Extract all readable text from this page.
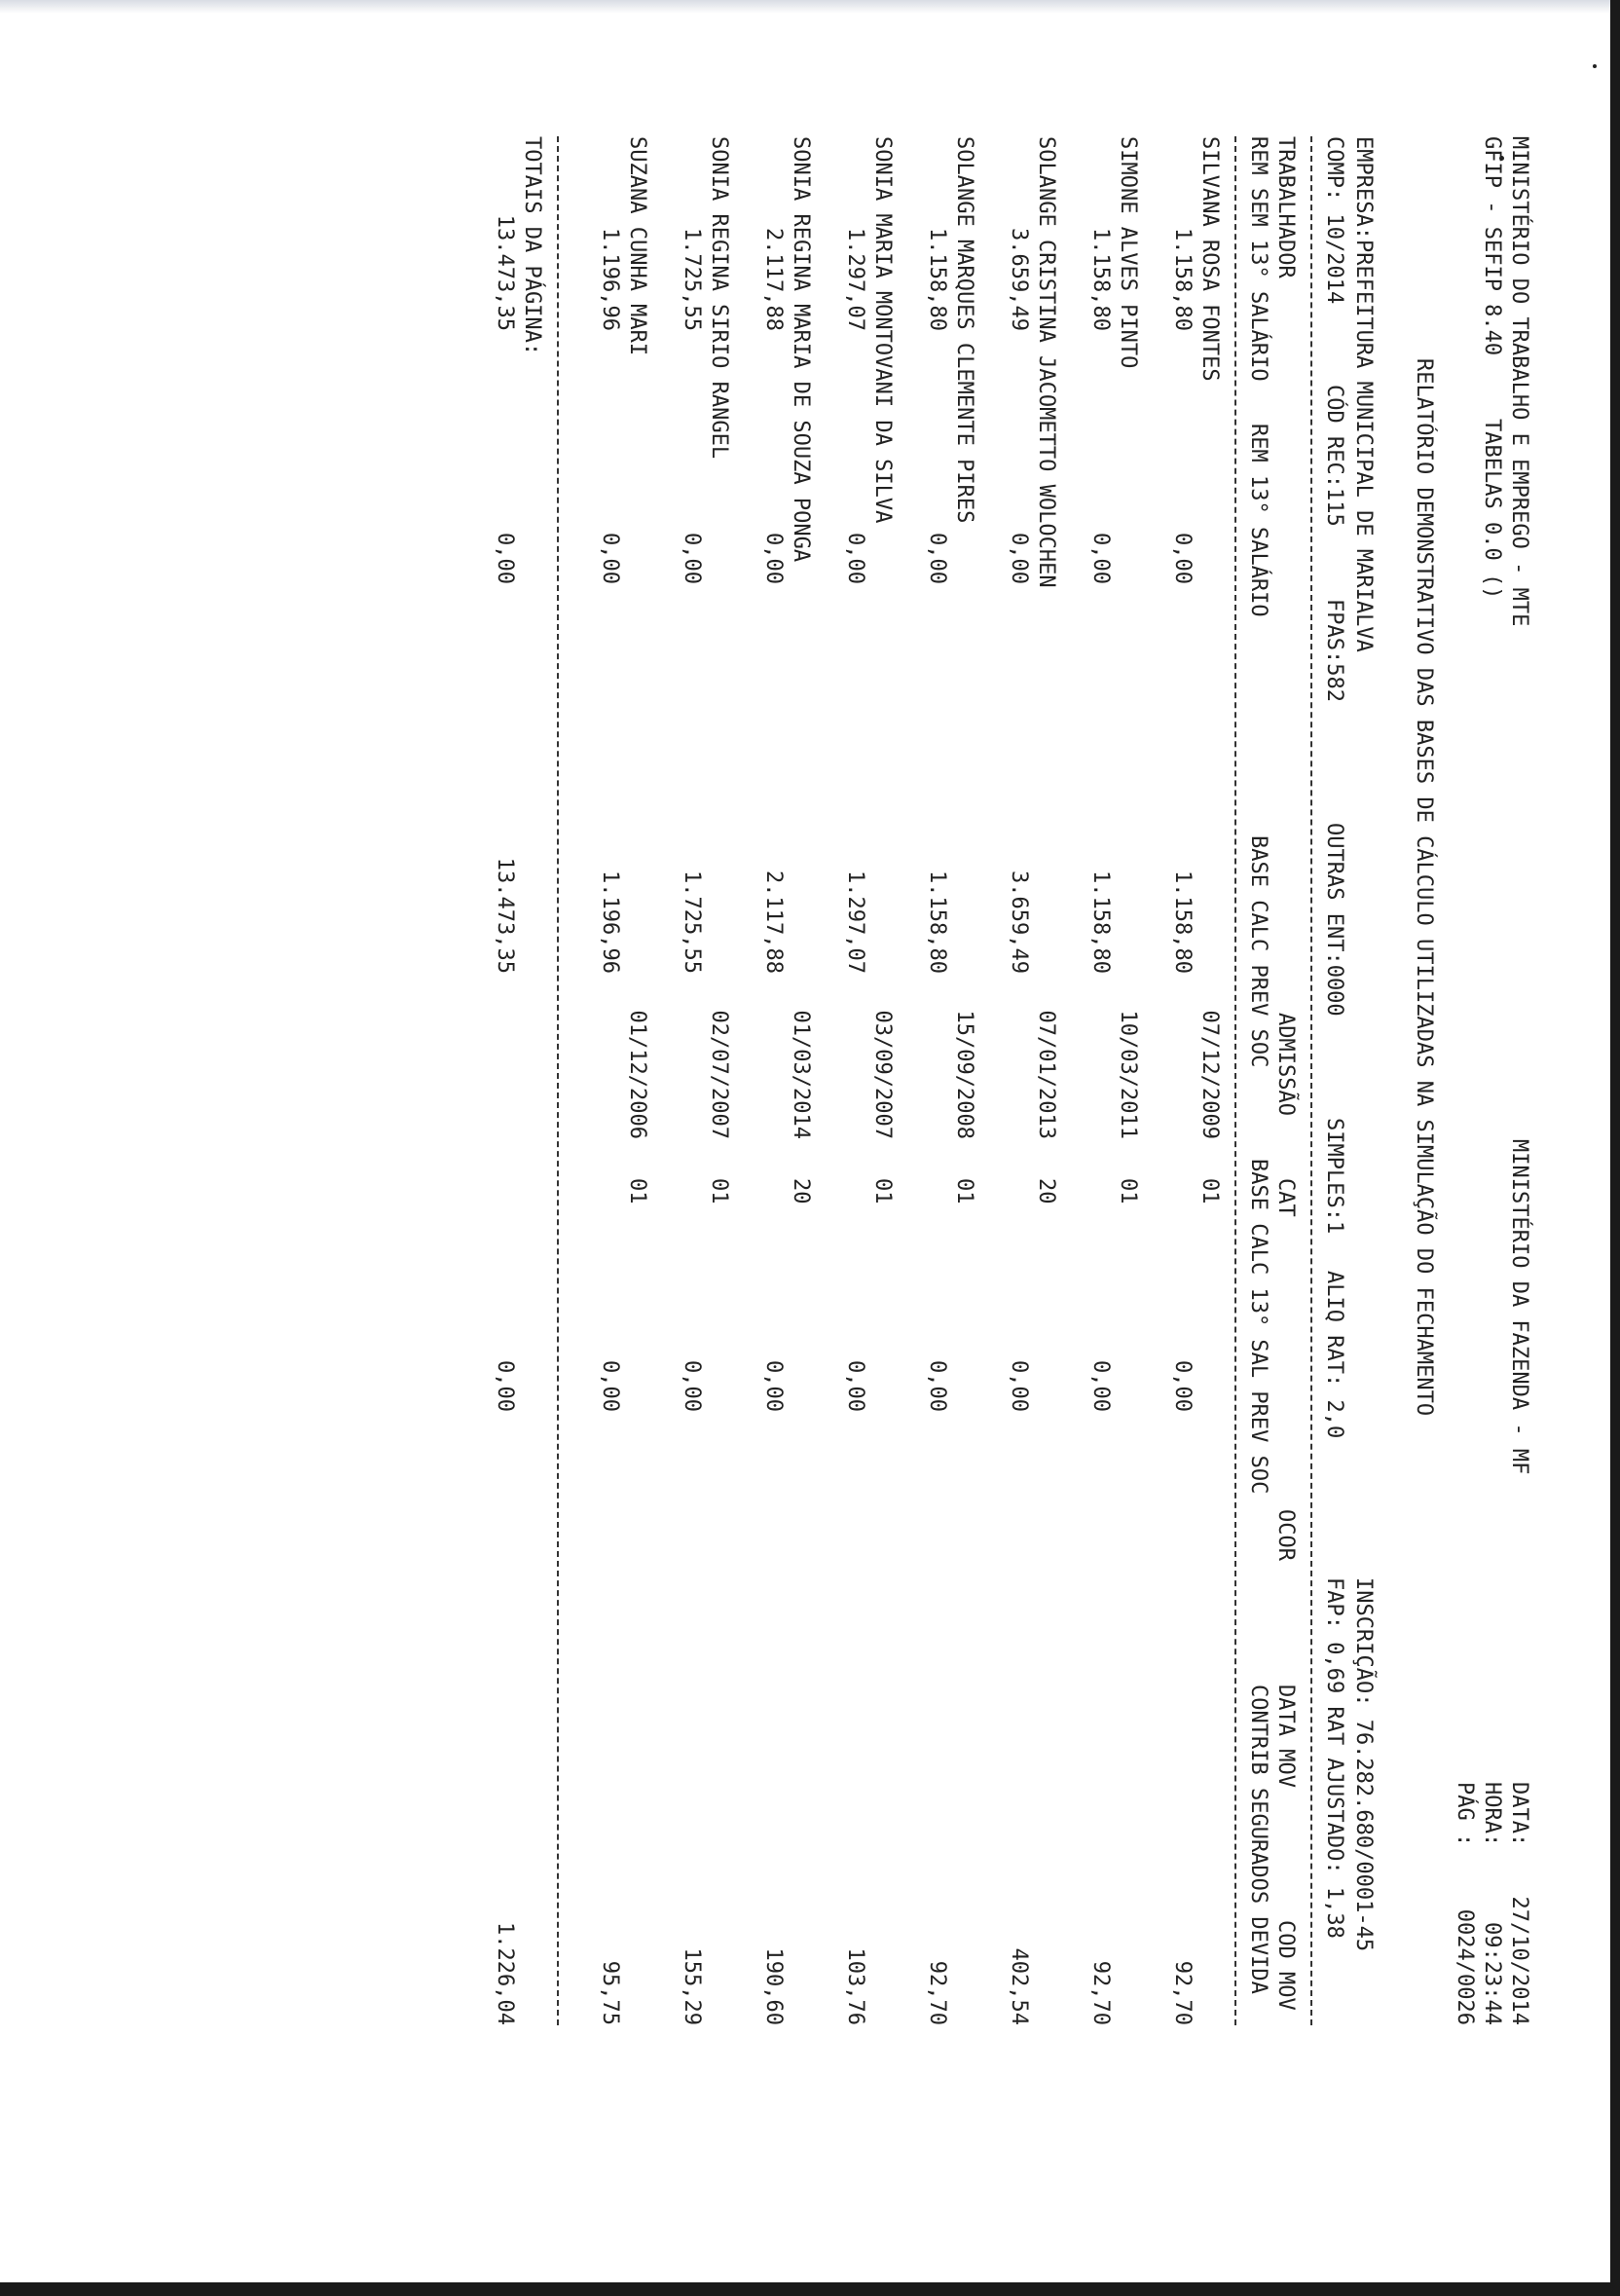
MINISTÉRIO DO TRABALHO E EMPREGO - MTE
GFIP - SEFIP 8.40
TABELAS 0.0 ()
MINISTÉRIO DA FAZENDA - MF
DATA:
27/10/2014
HORA:
09:23:44
PÁG :
0024/0026
RELATÓRIO DEMONSTRATIVO DAS BASES DE CÁLCULO UTILIZADAS NA SIMULAÇÃO DO FECHAMENTO
EMPRESA:PREFEITURA MUNICIPAL DE MARIALVA
INSCRIÇÃO: 76.282.680/0001-45
COMP: 10/2014
CÓD REC:115
FPAS:582
OUTRAS ENT:0000
SIMPLES:1
ALIQ RAT: 2,0
FAP: 0,69 RAT AJUSTADO: 1,38
TRABALHADOR
ADMISSÃO
CAT
OCOR
DATA MOV
COD MOV
REM SEM 13° SALÁRIO
REM 13° SALÁRIO
BASE CALC PREV SOC
BASE CALC 13° SAL PREV SOC
CONTRIB SEGURADOS DEVIDA
SILVANA ROSA FONTES
07/12/2009
01
1.158,80
0,00
1.158,80
0,00
92,70
SIMONE ALVES PINTO
10/03/2011
01
1.158,80
0,00
1.158,80
0,00
92,70
SOLANGE CRISTINA JACOMETTO WOLOCHEN
07/01/2013
20
3.659,49
0,00
3.659,49
0,00
402,54
SOLANGE MARQUES CLEMENTE PIRES
15/09/2008
01
1.158,80
0,00
1.158,80
0,00
92,70
SONIA MARIA MONTOVANI DA SILVA
03/09/2007
01
1.297,07
0,00
1.297,07
0,00
103,76
SONIA REGINA MARIA DE SOUZA PONGA
01/03/2014
20
2.117,88
0,00
2.117,88
0,00
190,60
SONIA REGINA SIRIO RANGEL
02/07/2007
01
1.725,55
0,00
1.725,55
0,00
155,29
SUZANA CUNHA MARI
01/12/2006
01
1.196,96
0,00
1.196,96
0,00
95,75
TOTAIS DA PÁGINA:
13.473,35
0,00
13.473,35
0,00
1.226,04
